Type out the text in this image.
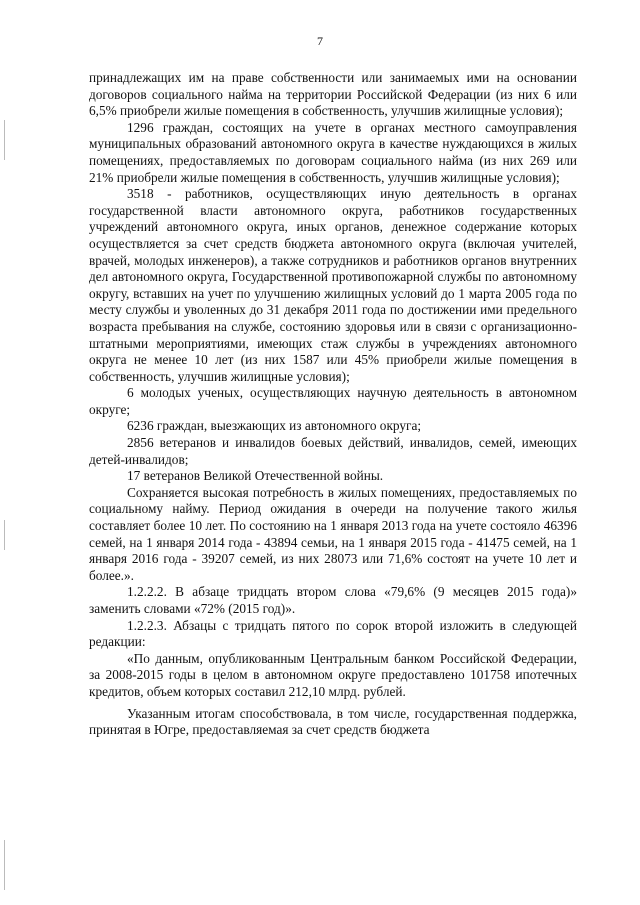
7

принадлежащих им на праве собственности или занимаемых ими на основании договоров социального найма на территории Российской Федерации (из них 6 или 6,5% приобрели жилые помещения в собственность, улучшив жилищные условия);

1296 граждан, состоящих на учете в органах местного самоуправления муниципальных образований автономного округа в качестве нуждающихся в жилых помещениях, предоставляемых по договорам социального найма (из них 269 или 21% приобрели жилые помещения в собственность, улучшив жилищные условия);

3518 - работников, осуществляющих иную деятельность в органах государственной власти автономного округа, работников государственных учреждений автономного округа, иных органов, денежное содержание которых осуществляется за счет средств бюджета автономного округа (включая учителей, врачей, молодых инженеров), а также сотрудников и работников органов внутренних дел автономного округа, Государственной противопожарной службы по автономному округу, вставших на учет по улучшению жилищных условий до 1 марта 2005 года по месту службы и уволенных до 31 декабря 2011 года по достижении ими предельного возраста пребывания на службе, состоянию здоровья или в связи с организационно-штатными мероприятиями, имеющих стаж службы в учреждениях автономного округа не менее 10 лет (из них 1587 или 45% приобрели жилые помещения в собственность, улучшив жилищные условия);

6 молодых ученых, осуществляющих научную деятельность в автономном округе;

6236 граждан, выезжающих из автономного округа;

2856 ветеранов и инвалидов боевых действий, инвалидов, семей, имеющих детей-инвалидов;

17 ветеранов Великой Отечественной войны.

Сохраняется высокая потребность в жилых помещениях, предоставляемых по социальному найму. Период ожидания в очереди на получение такого жилья составляет более 10 лет. По состоянию на 1 января 2013 года на учете состояло 46396 семей, на 1 января 2014 года - 43894 семьи, на 1 января 2015 года - 41475 семей, на 1 января 2016 года - 39207 семей, из них 28073 или 71,6% состоят на учете 10 лет и более.».

1.2.2.2. В абзаце тридцать втором слова «79,6% (9 месяцев 2015 года)» заменить словами «72% (2015 год)».

1.2.2.3. Абзацы с тридцать пятого по сорок второй изложить в следующей редакции:

«По данным, опубликованным Центральным банком Российской Федерации, за 2008-2015 годы в целом в автономном округе предоставлено 101758 ипотечных кредитов, объем которых составил 212,10 млрд. рублей.

Указанным итогам способствовала, в том числе, государственная поддержка, принятая в Югре, предоставляемая за счет средств бюджета
